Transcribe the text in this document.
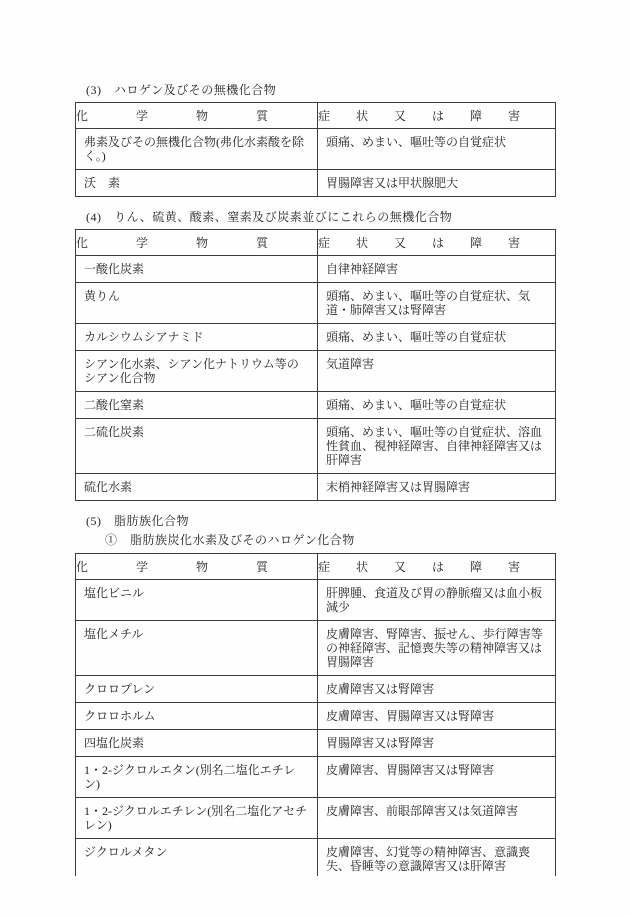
(3)　ハロゲン及びその無機化合物
化学物質	症状又は障害
弗素及びその無機化合物(弗化水素酸を除く。)	頭痛、めまい、嘔吐等の自覚症状
沃　素	胃腸障害又は甲状腺肥大
(4)　りん、硫黄、酸素、窒素及び炭素並びにこれらの無機化合物
化学物質	症状又は障害
一酸化炭素	自律神経障害
黄りん	頭痛、めまい、嘔吐等の自覚症状、気道・肺障害又は腎障害
カルシウムシアナミド	頭痛、めまい、嘔吐等の自覚症状
シアン化水素、シアン化ナトリウム等のシアン化合物	気道障害
二酸化窒素	頭痛、めまい、嘔吐等の自覚症状
二硫化炭素	頭痛、めまい、嘔吐等の自覚症状、溶血性貧血、視神経障害、自律神経障害又は肝障害
硫化水素	末梢神経障害又は胃腸障害
(5)　脂肪族化合物
①　脂肪族炭化水素及びそのハロゲン化合物
化学物質	症状又は障害
塩化ビニル	肝脾腫、食道及び胃の静脈瘤又は血小板減少
塩化メチル	皮膚障害、腎障害、振せん、歩行障害等の神経障害、記憶喪失等の精神障害又は胃腸障害
クロロプレン	皮膚障害又は腎障害
クロロホルム	皮膚障害、胃腸障害又は腎障害
四塩化炭素	胃腸障害又は腎障害
1・2-ジクロルエタン(別名二塩化エチレン)	皮膚障害、胃腸障害又は腎障害
1・2-ジクロルエチレン(別名二塩化アセチレン)	皮膚障害、前眼部障害又は気道障害
ジクロルメタン	皮膚障害、幻覚等の精神障害、意識喪失、昏睡等の意識障害又は肝障害
